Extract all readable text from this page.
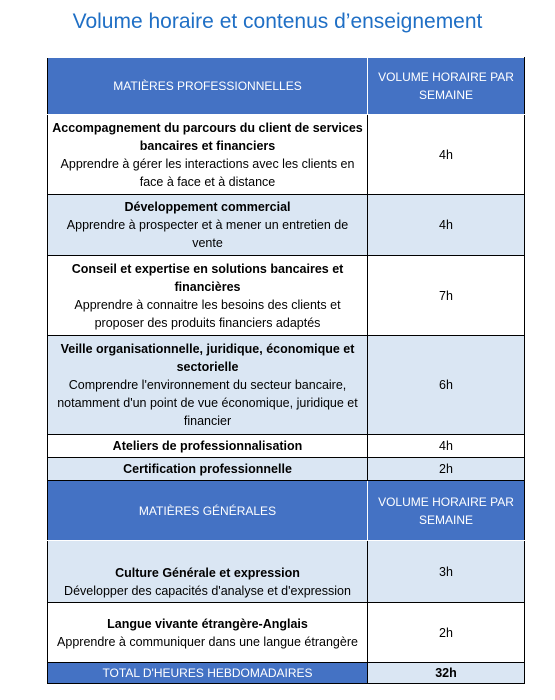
Volume horaire et contenus d’enseignement
MATIÈRES PROFESSIONNELLES	VOLUME HORAIRE PAR SEMAINE

Accompagnement du parcours du client de services bancaires et financiers
Apprendre à gérer les interactions avec les clients en face à face et à distance	4h

Développement commercial
Apprendre à prospecter et à mener un entretien de vente	4h

Conseil et expertise en solutions bancaires et financières
Apprendre à connaitre les besoins des clients et proposer des produits financiers adaptés	7h

Veille organisationnelle, juridique, économique et sectorielle
Comprendre l'environnement du secteur bancaire, notamment d'un point de vue économique, juridique et financier	6h

Ateliers de professionnalisation	4h

Certification professionnelle	2h
MATIÈRES GÉNÉRALES	VOLUME HORAIRE PAR SEMAINE

Culture Générale et expression
Développer des capacités d'analyse et d'expression	3h

Langue vivante étrangère-Anglais
Apprendre à communiquer dans une langue étrangère	2h
TOTAL D'HEURES HEBDOMADAIRES	32h
